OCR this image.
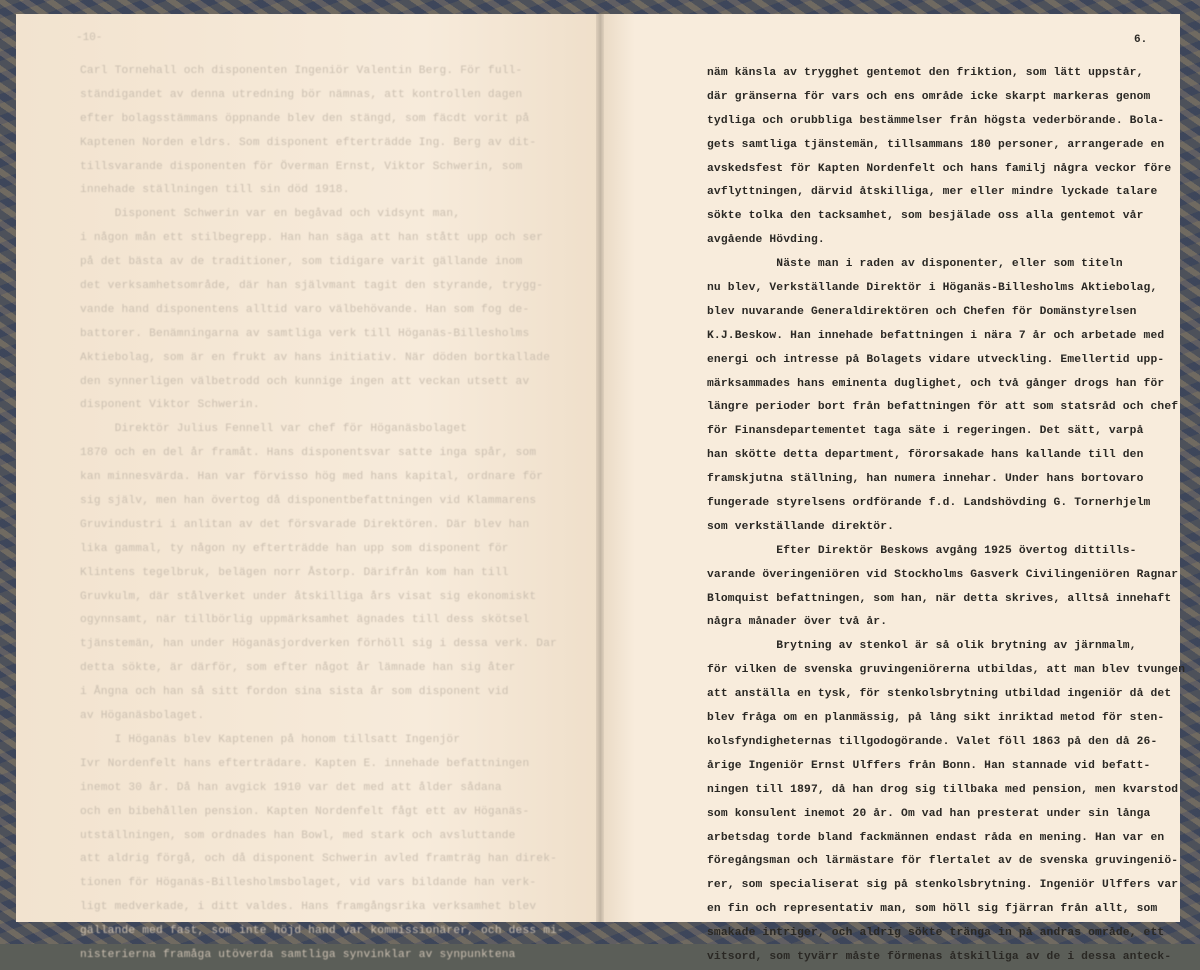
-10-
Carl Tornehall och disponenten Ingeniör Valentin Berg. För full-
ständigandet av denna utredning bör nämnas, att kontrollen dagen
efter bolagsstämmans öppnande blev den stängd, som fäcdt vorit på
Kaptenen Norden eldrs. Som disponent efterträdde Ing. Berg av dit-
tillsvarande disponenten för Överman Ernst, Viktor Schwerin, som
innehade ställningen till sin död 1918.
Disponent Schwerin var en begåvad och vidsynt man,
i någon mån ett stilbegrepp. Han han säga att han stått upp och ser
på det bästa av de traditioner, som tidigare varit gällande inom
det verksamhetsområde, där han självmant tagit den styrande, trygg-
vande hand disponentens alltid varo välbehövande. Han som fog de-
battorer. Benämningarna av samtliga verk till Höganäs-Billesholms
Aktiebolag, som är en frukt av hans initiativ. När döden bortkallade
den synnerligen välbetrodd och kunnige ingen att veckan utsett av
disponent Viktor Schwerin.
Direktör Julius Fennell var chef för Höganäsbolaget
1870 och en del år framåt. Hans disponentsvar satte inga spår, som
kan minnesvärda. Han var förvisso hög med hans kapital, ordnare för
sig själv, men han övertog då disponentbefattningen vid Klammarens
Gruvindustri i anlitan av det försvarade Direktören. Där blev han
lika gammal, ty någon ny efterträdde han upp som disponent för
Klintens tegelbruk, belägen norr Åstorp. Därifrån kom han till
Gruvkulm, där stålverket under åtskilliga års visat sig ekonomiskt
ogynnsamt, när tillbörlig uppmärksamhet ägnades till dess skötsel
tjänstemän, han under Höganäsjordverken förhöll sig i dessa verk. Dar
detta sökte, är därför, som efter något år lämnade han sig åter
i Ångna och han så sitt fordon sina sista år som disponent vid
av Höganäsbolaget.
I Höganäs blev Kaptenen på honom tillsatt Ingenjör
Ivr Nordenfelt hans efterträdare. Kapten E. innehade befattningen
inemot 30 år. Då han avgick 1910 var det med att ålder sådana
och en bibehållen pension. Kapten Nordenfelt fågt ett av Höganäs-
utställningen, som ordnades han Bowl, med stark och avsluttande
att aldrig förgå, och då disponent Schwerin avled framträg han direk-
tionen för Höganäs-Billesholmsbolaget, vid vars bildande han verk-
ligt medverkade, i ditt valdes. Hans framgångsrika verksamhet blev
gällande med fast, som inte höjd hand var kommissionärer, och dess mi-
nisterierna framåga utöverda samtliga synvinklar av synpunktena
6.
näm känsla av trygghet gentemot den friktion, som lätt uppstår,
där gränserna för vars och ens område icke skarpt markeras genom
tydliga och orubbliga bestämmelser från högsta vederbörande. Bola-
gets samtliga tjänstemän, tillsammans 180 personer, arrangerade en
avskedsfest för Kapten Nordenfelt och hans familj några veckor före
avflyttningen, därvid åtskilliga, mer eller mindre lyckade talare
sökte tolka den tacksamhet, som besjälade oss alla gentemot vår
avgående Hövding.
Näste man i raden av disponenter, eller som titeln
nu blev, Verkställande Direktör i Höganäs-Billesholms Aktiebolag,
blev nuvarande Generaldirektören och Chefen för Domänstyrelsen
K.J.Beskow. Han innehade befattningen i nära 7 år och arbetade med
energi och intresse på Bolagets vidare utveckling. Emellertid upp-
märksammades hans eminenta duglighet, och två gånger drogs han för
längre perioder bort från befattningen för att som statsråd och chef
för Finansdepartementet taga säte i regeringen. Det sätt, varpå
han skötte detta department, förorsakade hans kallande till den
framskjutna ställning, han numera innehar. Under hans bortovaro
fungerade styrelsens ordförande f.d. Landshövding G. Tornerhjelm
som verkställande direktör.
Efter Direktör Beskows avgång 1925 övertog dittills-
varande överingeniören vid Stockholms Gasverk Civilingeniören Ragnar
Blomquist befattningen, som han, när detta skrives, alltså innehaft
några månader över två år.
Brytning av stenkol är så olik brytning av järnmalm,
för vilken de svenska gruvingeniörerna utbildas, att man blev tvungen
att anställa en tysk, för stenkolsbrytning utbildad ingeniör då det
blev fråga om en planmässig, på lång sikt inriktad metod för sten-
kolsfyndigheternas tillgodogörande. Valet föll 1863 på den då 26-
årige Ingeniör Ernst Ulffers från Bonn. Han stannade vid befatt-
ningen till 1897, då han drog sig tillbaka med pension, men kvarstod
som konsulent inemot 20 år. Om vad han presterat under sin långa
arbetsdag torde bland fackmännen endast råda en mening. Han var en
föregångsman och lärmästare för flertalet av de svenska gruvingeniö-
rer, som specialiserat sig på stenkolsbrytning. Ingeniör Ulffers var
en fin och representativ man, som höll sig fjärran från allt, som
smakade intriger, och aldrig sökte tränga in på andras område, ett
vitsord, som tyvärr måste förmenas åtskilliga av de i dessa anteck-
